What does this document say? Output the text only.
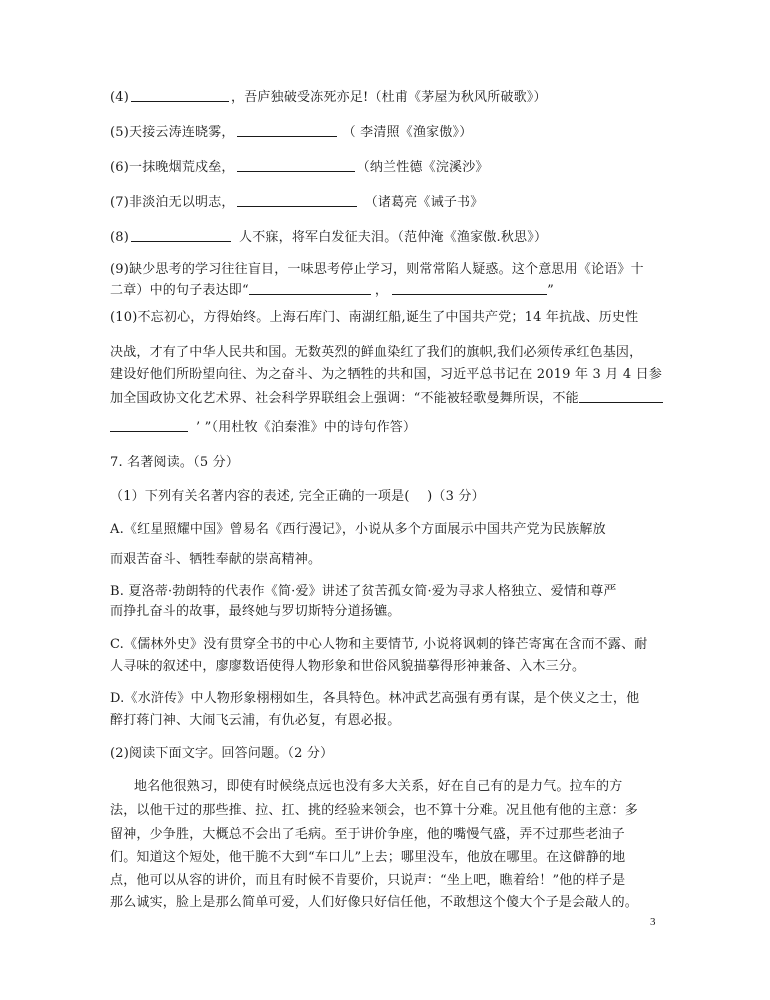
(4)	，吾庐独破受冻死亦足!（杜甫《茅屋为秋风所破歌》）
(5)天接云涛连晓雾，	（ 李清照《渔家傲》）
(6)一抹晚烟荒戍垒，	（纳兰性德《浣溪沙》
(7)非淡泊无以明志，	（诸葛亮《诫子书》
(8)	人不寐，将军白发征夫泪。（范仲淹《渔家傲.秋思》）
(9)缺少思考的学习往往盲目，一味思考停止学习，则常常陷人疑惑。这个意思用《论语》十
二章）中的句子表达即“	，	”
(10)不忘初心，方得始终。上海石库门、南湖红船,诞生了中国共产党；14 年抗战、历史性
决战，才有了中华人民共和国。无数英烈的鲜血染红了我们的旗帜,我们必须传承红色基因，
建设好他们所盼望向往、为之奋斗、为之牺牲的共和国，习近平总书记在 2019 年 3 月 4 日参
加全国政协文化艺术界、社会科学界联组会上强调：“不能被轻歌曼舞所误，不能
’ ”（用杜牧《泊秦淮》中的诗句作答）
7. 名著阅读。（5 分）
（1）下列有关名著内容的表述, 完全正确的一项是(　 )（3 分）
A.《红星照耀中国》曾易名《西行漫记》，小说从多个方面展示中国共产党为民族解放
而艰苦奋斗、牺牲奉献的崇高精神。
B. 夏洛蒂·勃朗特的代表作《简·爱》讲述了贫苦孤女简·爱为寻求人格独立、爱情和尊严
而挣扎奋斗的故事，最终她与罗切斯特分道扬镳。
C.《儒林外史》没有贯穿全书的中心人物和主要情节, 小说将讽刺的锋芒寄寓在含而不露、耐
人寻味的叙述中，廖廖数语使得人物形象和世俗风貌描摹得形神兼备、入木三分。
D.《水浒传》中人物形象栩栩如生，各具特色。林冲武艺高强有勇有谋，是个侠义之士，他
醉打蒋门神、大闹飞云浦，有仇必复，有恩必报。
(2)阅读下面文字。回答问题。（2 分）
地名他很熟习，即使有时候绕点远也没有多大关系，好在自己有的是力气。拉车的方
法，以他干过的那些推、拉、扛、挑的经验来领会，也不算十分难。况且他有他的主意：多
留神，少争胜，大概总不会出了毛病。至于讲价争座，他的嘴慢气盛，弄不过那些老油子
们。知道这个短处，他干脆不大到“车口儿”上去；哪里没车，他放在哪里。在这僻静的地
点，他可以从容的讲价，而且有时候不肯要价，只说声：“坐上吧，瞧着给！”他的样子是
那么诚实，脸上是那么简单可爱，人们好像只好信任他，不敢想这个傻大个子是会敲人的。
3
